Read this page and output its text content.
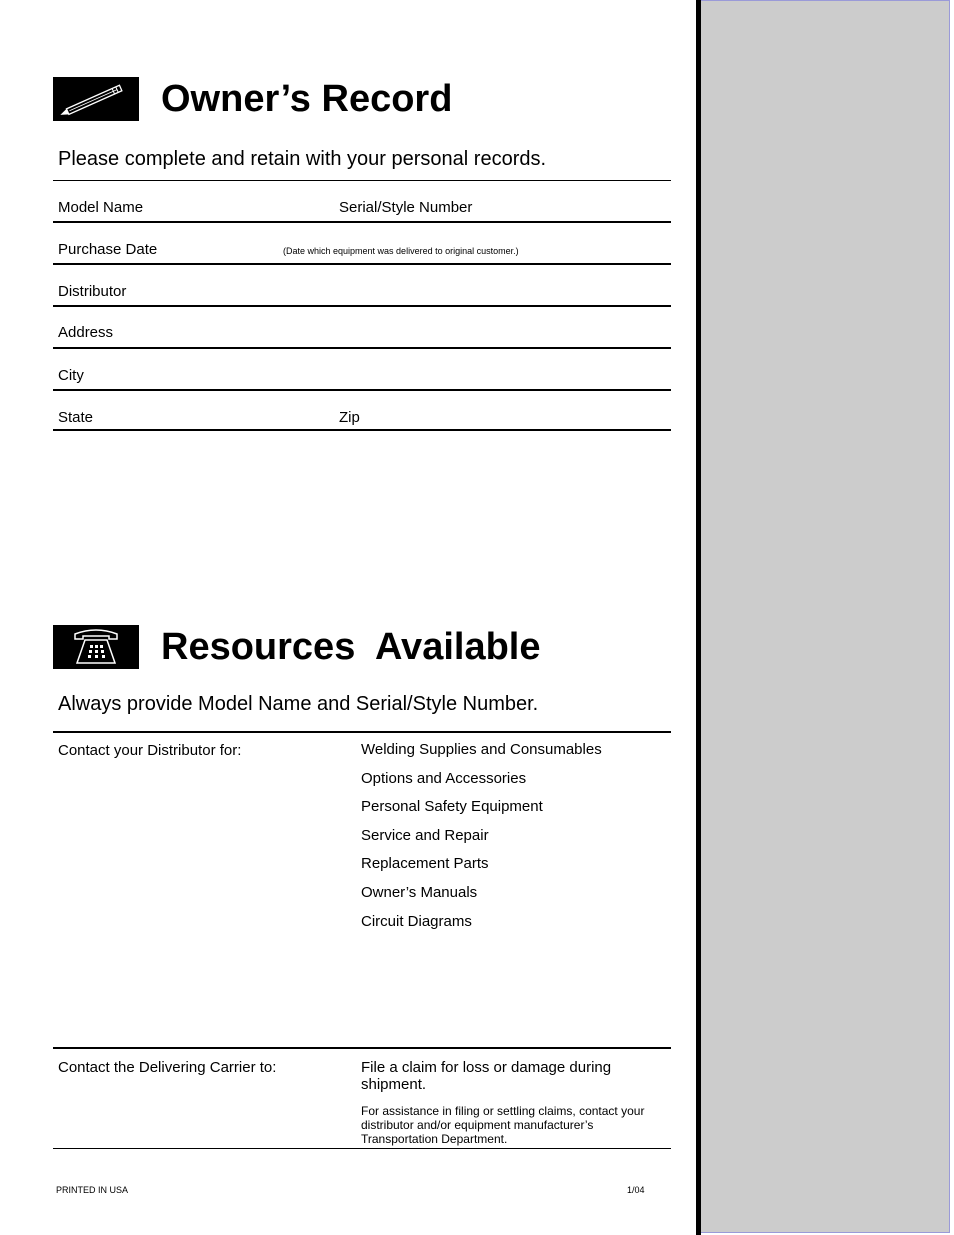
Owner’s Record
Please complete and retain with your personal records.
Model Name	Serial/Style Number
Purchase Date	(Date which equipment was delivered to original customer.)
Distributor
Address
City
State	Zip
Resources  Available
Always provide Model Name and Serial/Style Number.
Contact your Distributor for:	Welding Supplies and Consumables
Options and Accessories
Personal Safety Equipment
Service and Repair
Replacement Parts
Owner’s Manuals
Circuit Diagrams
Contact the Delivering Carrier to:	File a claim for loss or damage during shipment.
For assistance in filing or settling claims, contact your distributor and/or equipment manufacturer’s Transportation Department.
PRINTED IN USA	1/04
